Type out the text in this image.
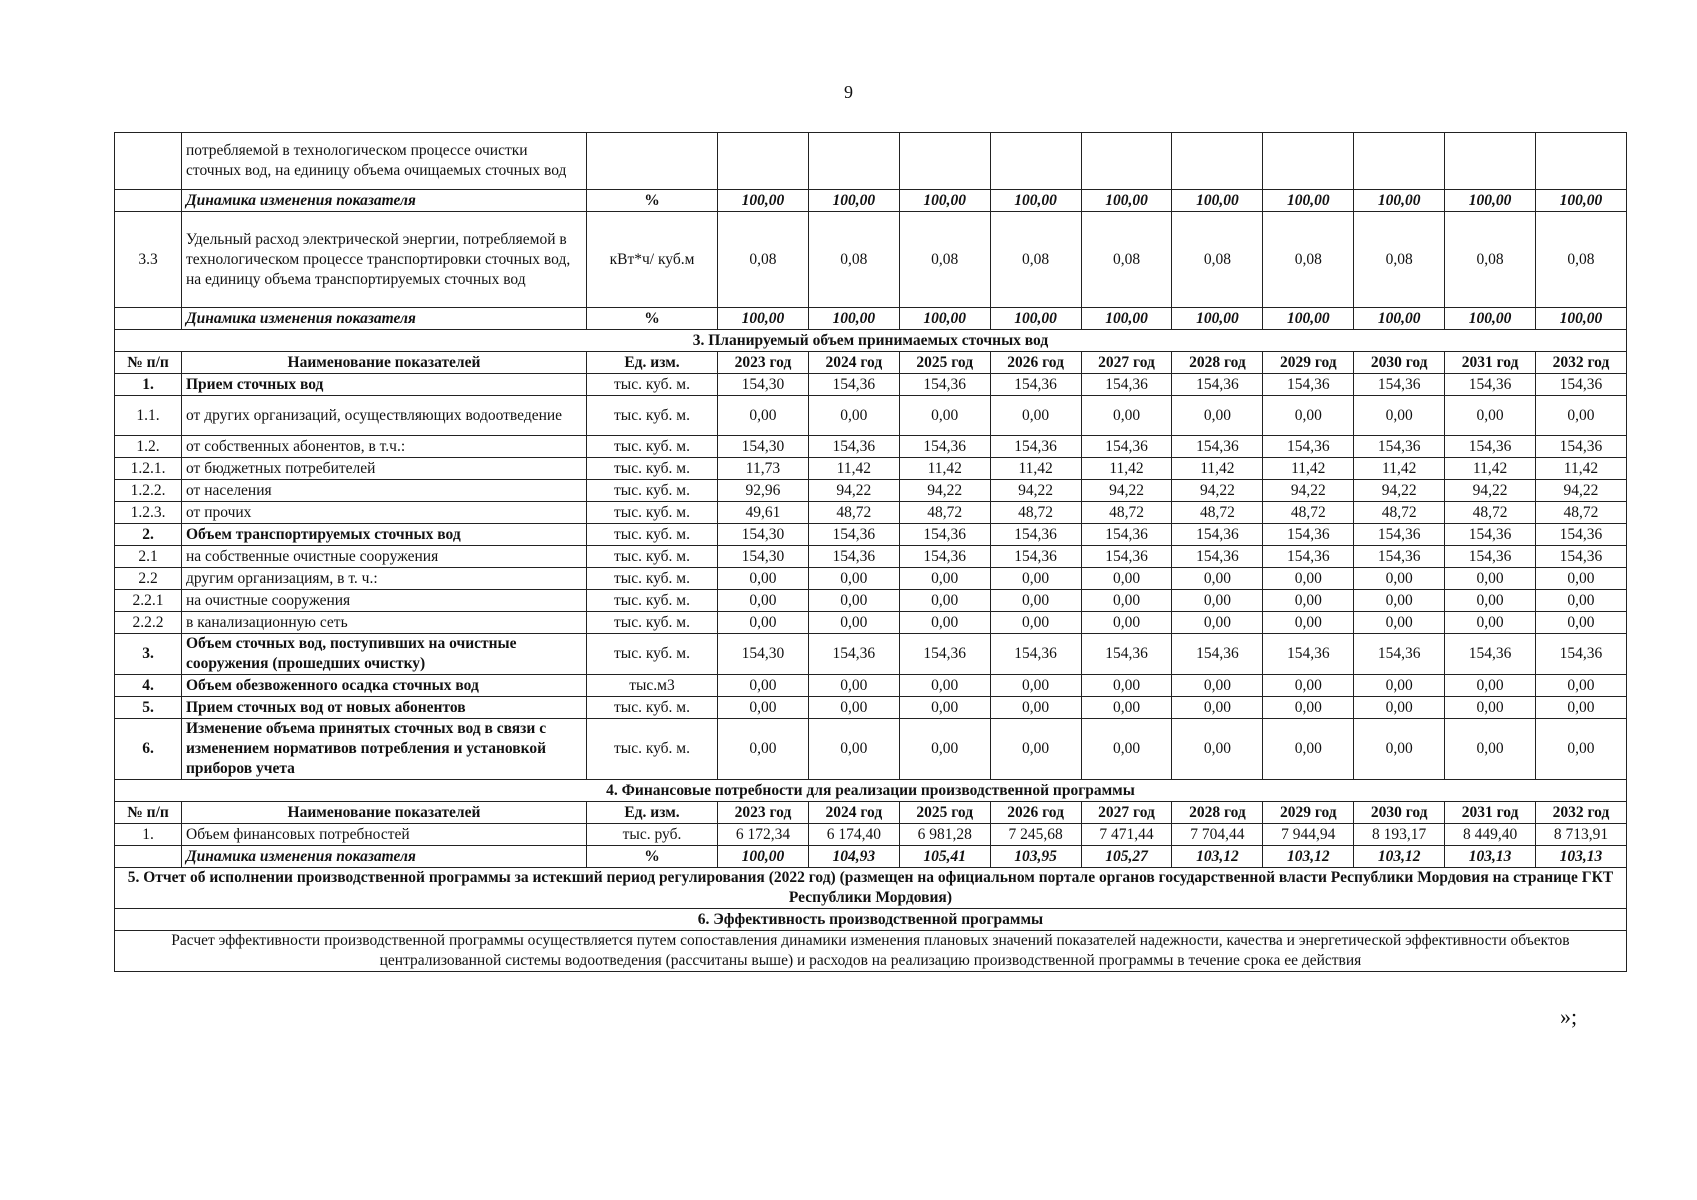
9
	потребляемой в технологическом процессе очистки сточных вод, на единицу объема очищаемых сточных вод											
	Динамика изменения показателя	%	100,00	100,00	100,00	100,00	100,00	100,00	100,00	100,00	100,00	100,00
3.3	Удельный расход электрической энергии, потребляемой в технологическом процессе транспортировки сточных вод, на единицу объема транспортируемых сточных вод	кВт*ч/ куб.м	0,08	0,08	0,08	0,08	0,08	0,08	0,08	0,08	0,08	0,08
	Динамика изменения показателя	%	100,00	100,00	100,00	100,00	100,00	100,00	100,00	100,00	100,00	100,00
3. Планируемый объем принимаемых сточных вод												
№ п/п	Наименование показателей	Ед. изм.	2023 год	2024 год	2025 год	2026 год	2027 год	2028 год	2029 год	2030 год	2031 год	2032 год
1.	Прием сточных вод	тыс. куб. м.	154,30	154,36	154,36	154,36	154,36	154,36	154,36	154,36	154,36	154,36
1.1.	от других организаций, осуществляющих водоотведение	тыс. куб. м.	0,00	0,00	0,00	0,00	0,00	0,00	0,00	0,00	0,00	0,00
1.2.	от собственных абонентов, в т.ч.:	тыс. куб. м.	154,30	154,36	154,36	154,36	154,36	154,36	154,36	154,36	154,36	154,36
1.2.1.	от бюджетных потребителей	тыс. куб. м.	11,73	11,42	11,42	11,42	11,42	11,42	11,42	11,42	11,42	11,42
1.2.2.	от населения	тыс. куб. м.	92,96	94,22	94,22	94,22	94,22	94,22	94,22	94,22	94,22	94,22
1.2.3.	от прочих	тыс. куб. м.	49,61	48,72	48,72	48,72	48,72	48,72	48,72	48,72	48,72	48,72
2.	Объем транспортируемых сточных вод	тыс. куб. м.	154,30	154,36	154,36	154,36	154,36	154,36	154,36	154,36	154,36	154,36
2.1	на собственные очистные сооружения	тыс. куб. м.	154,30	154,36	154,36	154,36	154,36	154,36	154,36	154,36	154,36	154,36
2.2	другим организациям, в т. ч.:	тыс. куб. м.	0,00	0,00	0,00	0,00	0,00	0,00	0,00	0,00	0,00	0,00
2.2.1	на очистные сооружения	тыс. куб. м.	0,00	0,00	0,00	0,00	0,00	0,00	0,00	0,00	0,00	0,00
2.2.2	в канализационную сеть	тыс. куб. м.	0,00	0,00	0,00	0,00	0,00	0,00	0,00	0,00	0,00	0,00
3.	Объем сточных вод, поступивших на очистные сооружения (прошедших очистку)	тыс. куб. м.	154,30	154,36	154,36	154,36	154,36	154,36	154,36	154,36	154,36	154,36
4.	Объем обезвоженного осадка сточных вод	тыс.м3	0,00	0,00	0,00	0,00	0,00	0,00	0,00	0,00	0,00	0,00
5.	Прием сточных вод от новых абонентов	тыс. куб. м.	0,00	0,00	0,00	0,00	0,00	0,00	0,00	0,00	0,00	0,00
6.	Изменение объема принятых сточных вод в связи с изменением нормативов потребления и установкой приборов учета	тыс. куб. м.	0,00	0,00	0,00	0,00	0,00	0,00	0,00	0,00	0,00	0,00
4. Финансовые потребности для реализации производственной программы												
№ п/п	Наименование показателей	Ед. изм.	2023 год	2024 год	2025 год	2026 год	2027 год	2028 год	2029 год	2030 год	2031 год	2032 год
1.	Объем финансовых потребностей	тыс. руб.	6 172,34	6 174,40	6 981,28	7 245,68	7 471,44	7 704,44	7 944,94	8 193,17	8 449,40	8 713,91
	Динамика изменения показателя	%	100,00	104,93	105,41	103,95	105,27	103,12	103,12	103,12	103,13	103,13
5. Отчет об исполнении производственной программы за истекший период регулирования (2022 год) (размещен на официальном портале органов государственной власти Республики Мордовия на странице ГКТ Республики Мордовия)												
6. Эффективность производственной программы												
Расчет эффективности производственной программы осуществляется путем сопоставления динамики изменения плановых значений показателей надежности, качества и энергетической эффективности объектов централизованной системы водоотведения (рассчитаны выше) и расходов на реализацию производственной программы в течение срока ее действия												
»;
